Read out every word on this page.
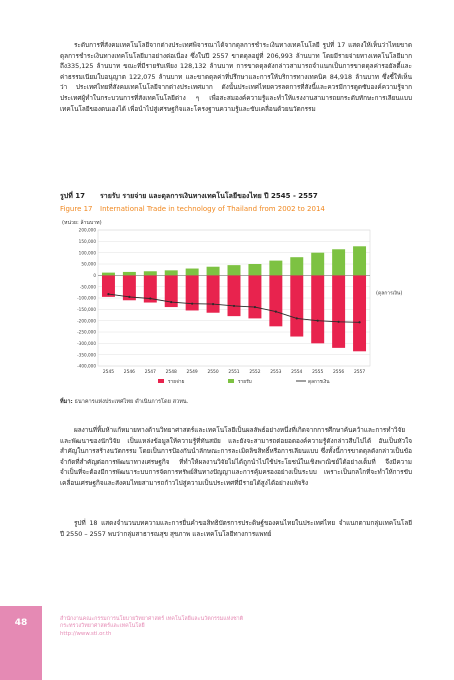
ระดับการที่สังคมเทคโนโลยีจากต่างประเทศพิจารณาได้จากดุลการชำระเงินทางเทคโนโลยี รูปที่ 17 แสดงให้เห็นว่าไทยขาดดุลการชำระเงินทางเทคโนโลยีมาอย่างต่อเนื่อง ซึ่งในปี 2557 ขาดดุลอยู่ที่ 206,993 ล้านบาท โดยมีรายจ่ายทางเทคโนโลยีมากถึง335,125 ล้านบาท ขณะที่มีรายรับเพียง 128,132 ล้านบาท การขาดดุลดังกล่าวสามารถจำแนกเป็นการขาดดุลค่ารอยัลตี้และค่าธรรมเนียมใบอนุญาต 122,075 ล้านบาท และขาดดุลค่าที่ปรึกษาและการให้บริการทางเทคนิค 84,918 ล้านบาท ซึ่งชี้ให้เห็นว่า ประเทศไทยที่สังคมเทคโนโลยีจากต่างประเทศมาก ดังนั้นประเทศไทยควรลดการที่สังนี้และควรมีการดูดซับองค์ความรู้จากประเทศผู้ทำในกระบวนการที่สังเทคโนโลยีต่าง ๆ เพื่อสะสมองค์ความรู้และทำให้แรงงานสามารถยกระดับทักษะการเลียนแบบเทคโนโลยีของตนเองได้ เพื่อนำไปสู่เศรษฐกิจและโครงฐานความรู้และขับเคลื่อนด้วยนวัตกรรม

รูปที่ 17 รายรับ รายจ่าย และดุลการเงินทางเทคโนโลยีของไทย ปี 2545 - 2557
Figure 17 International Trade in technology of Thailand from 2002 to 2014
(หน่วย: ล้านบาท)
200,000
150,000
100,000
50,000
0
-50,000
-100,000
-150,000
-200,000
-250,000
-300,000
-350,000
-400,000
2545 2546 2547 2548 2549 2550 2551 2552 2553 2554 2555 2556 2557
(ดุลการเงิน)
รายจ่าย	รายรับ	ดุลการเงิน
ที่มา: ธนาคารแห่งประเทศไทย ดำเนินการโดย สวทน.

ผลงานที่ทิ้มห้าแก้หมายทางด้านวิทยาศาสตร์และเทคโนโลยีเป็นผลลัพธ์อย่างหนึ่งที่เกิดจากการศึกษาค้นคว้าและการทำวิจัยและพัฒนาของนักวิจัย เป็นแหล่งข้อมูลให้ความรู้ที่ทันสมัย และยังจะสามารถต่อยอดองค์ความรู้ดังกล่าวสืบไปได้ อันเป็นหัวใจสำคัญในการสร้างนวัตกรรม โดยเป็นการป้องกันนำลักษณะการละเมิดลิขสิทธิ์หรือการเลียนแบบ ซึ่งทั้งนี้การขาดดุลดังกล่าวเป็นข้อจำกัดที่สำคัญต่อการพัฒนาทางเศรษฐกิจ ที่ทำให้ผลงานวิจัยไม่ได้ถูกนำไปใช้ประโยชน์ในเชิงพาณิชย์ได้อย่างเต็มที่ จึงมีความจำเป็นที่จะต้องมีการพัฒนาระบบการจัดการทรัพย์สินทางปัญญาและการคุ้มครองอย่างเป็นระบบ เพราะเป็นกลไกที่จะทำให้การขับเคลื่อนเศรษฐกิจและสังคมไทยสามารถก้าวไปสู่ความเป็นประเทศที่มีรายได้สูงได้อย่างแท้จริง

รูปที่ 18 แสดงจำนวนบทความและการยื่นคำขอสิทธิบัตรการประดิษฐ์ของคนไทยในประเทศไทย จำแนกตามกลุ่มเทคโนโลยี ปี 2550 – 2557 พบว่ากลุ่มสาธารณสุข สุขภาพ และเทคโนโลยีทางการแพทย์

48	สำนักงานคณะกรรมการนโยบายวิทยาศาสตร์ เทคโนโลยีและนวัตกรรมแห่งชาติ
กระทรวงวิทยาศาสตร์และเทคโนโลยี
http://www.sti.or.th
